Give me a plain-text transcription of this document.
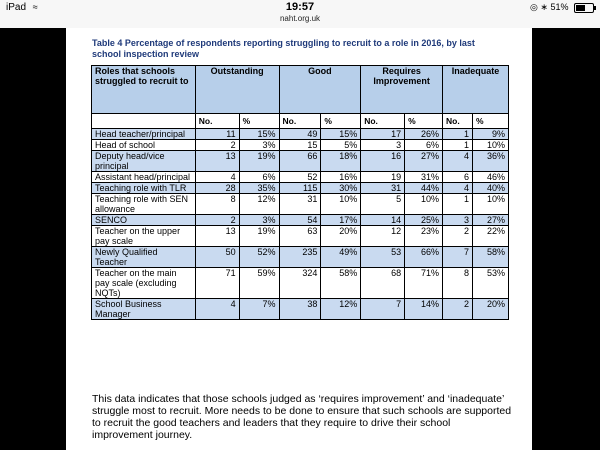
iPad ≈	19:57
naht.org.uk
◎ ∗ 51%
Table 4 Percentage of respondents reporting struggling to recruit to a role in 2016, by last school inspection review
Roles that schools struggled to recruit to	Outstanding		Good		Requires Improvement		Inadequate	
	No.	%	No.	%	No.	%	No.	%
Head teacher/principal	11	15%	49	15%	17	26%	1	9%
Head of school	2	3%	15	5%	3	6%	1	10%
Deputy head/vice principal	13	19%	66	18%	16	27%	4	36%
Assistant head/principal	4	6%	52	16%	19	31%	6	46%
Teaching role with TLR	28	35%	115	30%	31	44%	4	40%
Teaching role with SEN allowance	8	12%	31	10%	5	10%	1	10%
SENCO	2	3%	54	17%	14	25%	3	27%
Teacher on the upper pay scale	13	19%	63	20%	12	23%	2	22%
Newly Qualified Teacher	50	52%	235	49%	53	66%	7	58%
Teacher on the main pay scale (excluding NQTs)	71	59%	324	58%	68	71%	8	53%
School Business Manager	4	7%	38	12%	7	14%	2	20%
This data indicates that those schools judged as ‘requires improvement’ and ‘inadequate’ struggle most to recruit. More needs to be done to ensure that such schools are supported to recruit the good teachers and leaders that they require to drive their school improvement journey.
